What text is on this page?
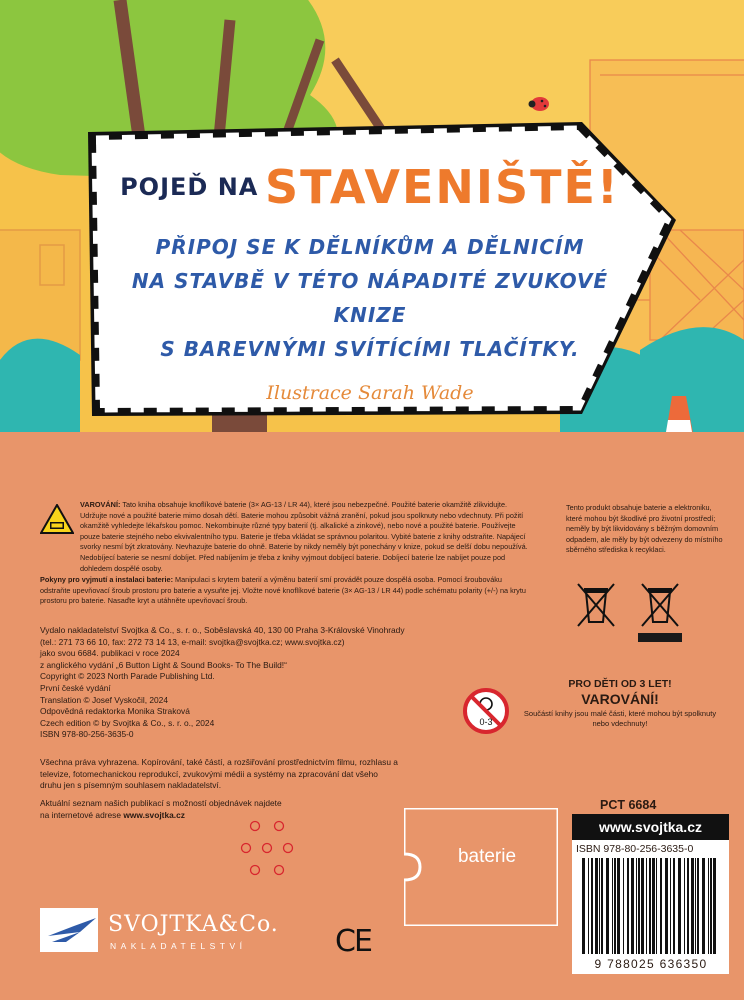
POJEĎ NA STAVENIŠTĚ!
PŘIPOJ SE K DĚLNÍKŮM A DĚLNICÍM
NA STAVBĚ V TÉTO NÁPADITÉ ZVUKOVÉ KNIZE
S BAREVNÝMI SVÍTÍCÍMI TLAČÍTKY.
Ilustrace Sarah Wade
VAROVÁNÍ: Tato kniha obsahuje knoflíkové baterie (3× AG-13 / LR 44), které jsou nebezpečné. Použité baterie okamžitě zlikvidujte. Udržujte nové a použité baterie mimo dosah dětí. Baterie mohou způsobit vážná zranění, pokud jsou spolknuty nebo vdechnuty. Při požití okamžitě vyhledejte lékařskou pomoc. Nekombinujte různé typy baterií (tj. alkalické a zinkové), nebo nové a použité baterie. Používejte pouze baterie stejného nebo ekvivalentního typu. Baterie je třeba vkládat se správnou polaritou. Vybité baterie z knihy odstraňte. Napájecí svorky nesmí být zkratovány. Nevhazujte baterie do ohně. Baterie by nikdy neměly být ponechány v knize, pokud se delší dobu nepoužívá. Nedobíjecí baterie se nesmí dobíjet. Před nabíjením je třeba z knihy vyjmout dobíjecí baterie. Dobíjecí baterie lze nabíjet pouze pod dohledem dospělé osoby.
Pokyny pro vyjmutí a instalaci baterie: Manipulaci s krytem baterií a výměnu baterií smí provádět pouze dospělá osoba. Pomocí šroubováku odstraňte upevňovací šroub prostoru pro baterie a vysuňte jej. Vložte nové knoflíkové baterie (3× AG-13 / LR 44) podle schématu polarity (+/-) na krytu prostoru pro baterie. Nasaďte kryt a utáhněte upevňovací šroub.
Tento produkt obsahuje baterie a elektroniku, které mohou být škodlivé pro životní prostředí; neměly by být likvidovány s běžným domovním odpadem, ale měly by být odvezeny do místního sběrného střediska k recyklaci.
Vydalo nakladatelství Svojtka & Co., s. r. o., Soběslavská 40, 130 00 Praha 3-Královské Vinohrady
(tel.: 271 73 66 10, fax: 272 73 14 13, e-mail: svojtka@svojtka.cz; www.svojtka.cz)
jako svou 6684. publikaci v roce 2024
z anglického vydání „6 Button Light & Sound Books- To The Build!“
Copyright © 2023 North Parade Publishing Ltd.
První české vydání
Translation © Josef Vyskočil, 2024
Odpovědná redaktorka Monika Straková
Czech edition © by Svojtka & Co., s. r. o., 2024
ISBN 978-80-256-3635-0
Všechna práva vyhrazena. Kopírování, také částí, a rozšiřování prostřednictvím filmu, rozhlasu a televize, fotomechanickou reprodukcí, zvukovými médii a systémy na zpracování dat všeho druhu jen s písemným souhlasem nakladatelství.
Aktuální seznam našich publikací s možností objednávek najdete
na internetové adrese www.svojtka.cz
0-3
PRO DĚTI OD 3 LET!
VAROVÁNÍ!
Součástí knihy jsou malé části, které mohou být spolknuty nebo vdechnuty!
PCT 6684
www.svojtka.cz
ISBN 978-80-256-3635-0
9 788025 636350
baterie
SVOJTKA&Co.
NAKLADATELSTVÍ	CE
